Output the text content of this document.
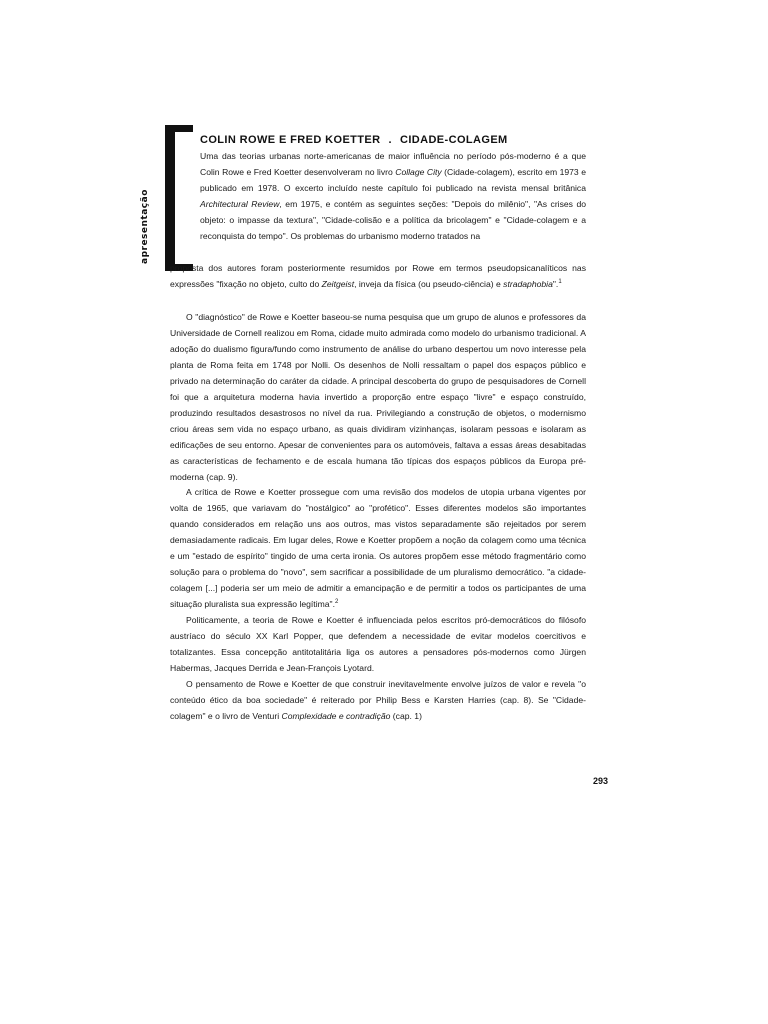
apresentação
COLIN ROWE E FRED KOETTER . CIDADE-COLAGEM

Uma das teorias urbanas norte-americanas de maior influência no período pós-moderno é a que Colin Rowe e Fred Koetter desenvolveram no livro Collage City (Cidade-colagem), escrito em 1973 e publicado em 1978. O excerto incluído neste capítulo foi publicado na revista mensal britânica Architectural Review, em 1975, e contém as seguintes seções: "Depois do milênio", "As crises do objeto: o impasse da textura", "Cidade-colisão e a política da bricolagem" e "Cidade-colagem e a reconquista do tempo". Os problemas do urbanismo moderno tratados na

proposta dos autores foram posteriormente resumidos por Rowe em termos pseudopsicanalíticos nas expressões "fixação no objeto, culto do Zeitgeist, inveja da física (ou pseudo-ciência) e stradaphobia".$^1$

O "diagnóstico" de Rowe e Koetter baseou-se numa pesquisa que um grupo de alunos e professores da Universidade de Cornell realizou em Roma, cidade muito admirada como modelo do urbanismo tradicional. A adoção do dualismo figura/fundo como instrumento de análise do urbano despertou um novo interesse pela planta de Roma feita em 1748 por Nolli. Os desenhos de Nolli ressaltam o papel dos espaços público e privado na determinação do caráter da cidade. A principal descoberta do grupo de pesquisadores de Cornell foi que a arquitetura moderna havia invertido a proporção entre espaço "livre" e espaço construído, produzindo resultados desastrosos no nível da rua. Privilegiando a construção de objetos, o modernismo criou áreas sem vida no espaço urbano, as quais dividiram vizinhanças, isolaram pessoas e isolaram as edificações de seu entorno. Apesar de convenientes para os automóveis, faltava a essas áreas desabitadas as características de fechamento e de escala humana tão típicas dos espaços públicos da Europa pré-moderna (cap. 9).

A crítica de Rowe e Koetter prossegue com uma revisão dos modelos de utopia urbana vigentes por volta de 1965, que variavam do "nostálgico" ao "profético". Esses diferentes modelos são importantes quando considerados em relação uns aos outros, mas vistos separadamente são rejeitados por serem demasiadamente radicais. Em lugar deles, Rowe e Koetter propõem a noção da colagem como uma técnica e um "estado de espírito" tingido de uma certa ironia. Os autores propõem esse método fragmentário como solução para o problema do "novo", sem sacrificar a possibilidade de um pluralismo democrático. "a cidade-colagem [...] poderia ser um meio de admitir a emancipação e de permitir a todos os participantes de uma situação pluralista sua expressão legítima".$^2$

Politicamente, a teoria de Rowe e Koetter é influenciada pelos escritos pró-democráticos do filósofo austríaco do século XX Karl Popper, que defendem a necessidade de evitar modelos coercitivos e totalizantes. Essa concepção antitotalitária liga os autores a pensadores pós-modernos como Jürgen Habermas, Jacques Derrida e Jean-François Lyotard.

O pensamento de Rowe e Koetter de que construir inevitavelmente envolve juízos de valor e revela "o conteúdo ético da boa sociedade" é reiterado por Philip Bess e Karsten Harries (cap. 8). Se "Cidade-colagem" e o livro de Venturi Complexidade e contradição (cap. 1)

293
